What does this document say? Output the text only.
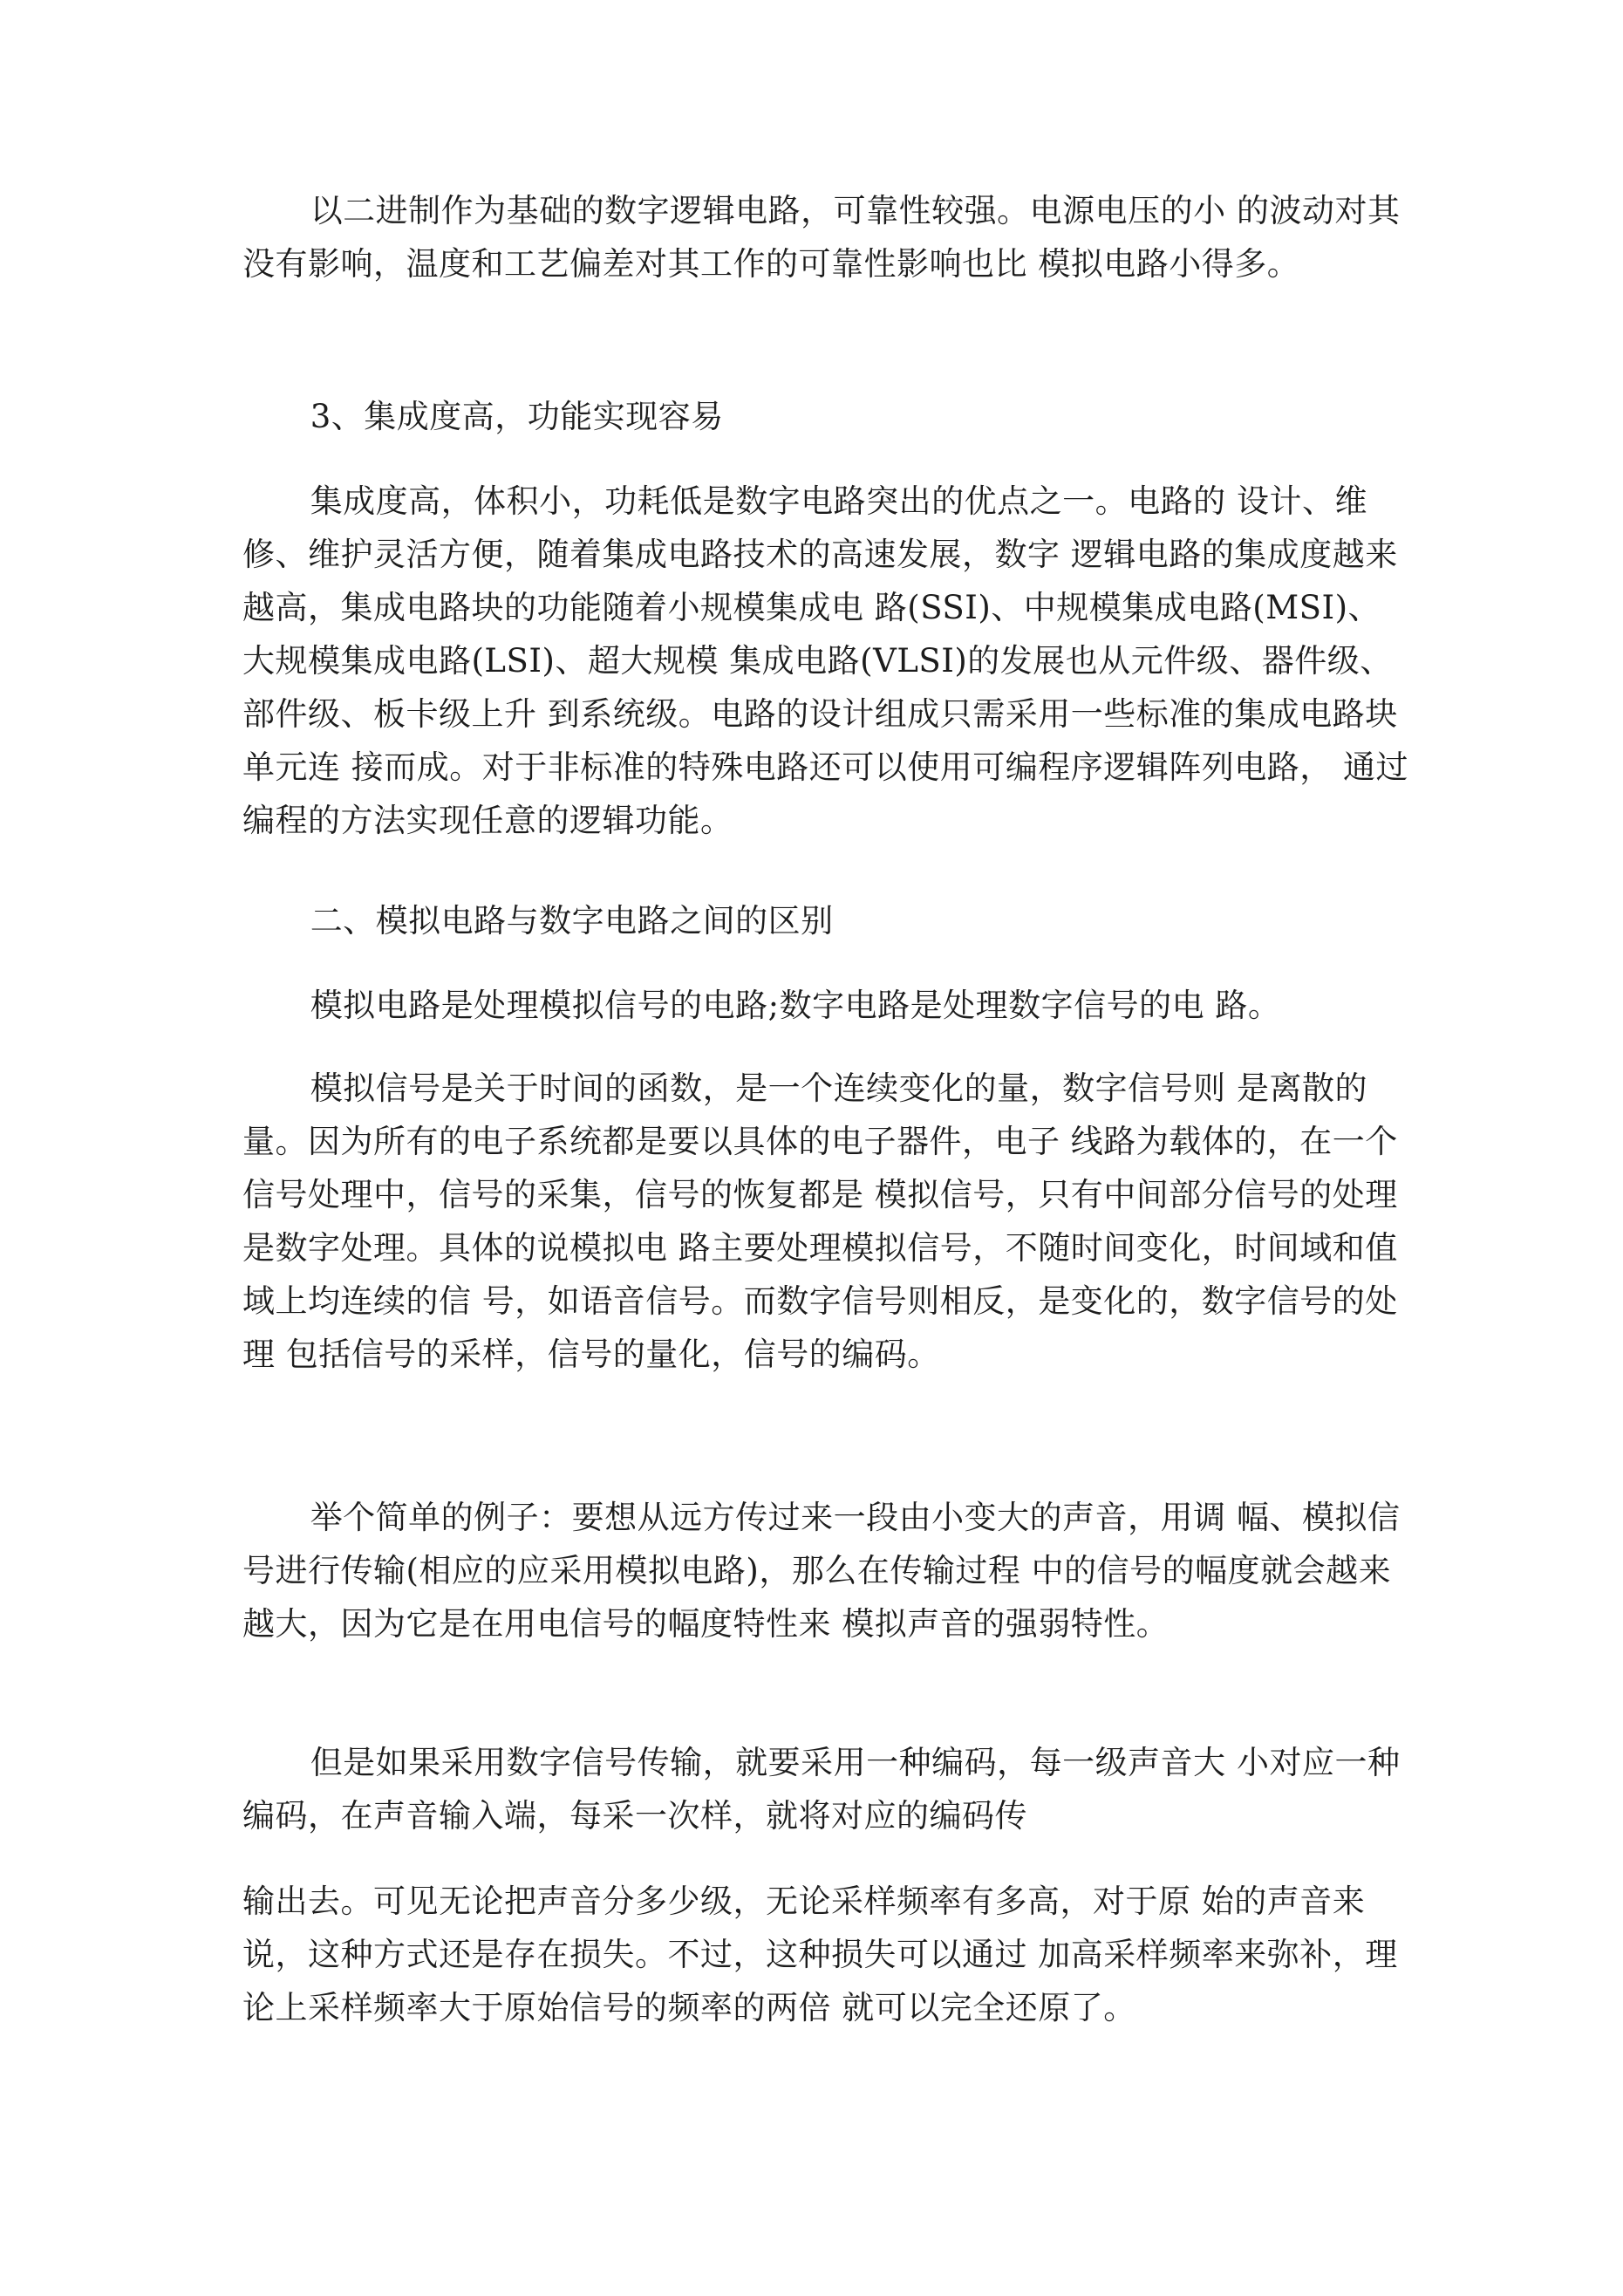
以二进制作为基础的数字逻辑电路，可靠性较强。电源电压的小 的波动对其没有影响，温度和工艺偏差对其工作的可靠性影响也比 模拟电路小得多。

3、集成度高，功能实现容易

集成度高，体积小，功耗低是数字电路突出的优点之一。电路的 设计、维修、维护灵活方便，随着集成电路技术的高速发展，数字 逻辑电路的集成度越来越高，集成电路块的功能随着小规模集成电 路(SSI)、中规模集成电路(MSI)、大规模集成电路(LSI)、超大规模 集成电路(VLSI)的发展也从元件级、器件级、部件级、板卡级上升 到系统级。电路的设计组成只需采用一些标准的集成电路块单元连 接而成。对于非标准的特殊电路还可以使用可编程序逻辑阵列电路， 通过编程的方法实现任意的逻辑功能。

二、模拟电路与数字电路之间的区别

模拟电路是处理模拟信号的电路;数字电路是处理数字信号的电 路。

模拟信号是关于时间的函数，是一个连续变化的量，数字信号则 是离散的量。因为所有的电子系统都是要以具体的电子器件，电子 线路为载体的，在一个信号处理中，信号的采集，信号的恢复都是 模拟信号，只有中间部分信号的处理是数字处理。具体的说模拟电 路主要处理模拟信号，不随时间变化，时间域和值域上均连续的信 号，如语音信号。而数字信号则相反，是变化的，数字信号的处理 包括信号的采样，信号的量化，信号的编码。

举个简单的例子：要想从远方传过来一段由小变大的声音，用调 幅、模拟信号进行传输(相应的应采用模拟电路)，那么在传输过程 中的信号的幅度就会越来越大，因为它是在用电信号的幅度特性来 模拟声音的强弱特性。

但是如果采用数字信号传输，就要采用一种编码，每一级声音大 小对应一种编码，在声音输入端，每采一次样，就将对应的编码传

输出去。可见无论把声音分多少级，无论采样频率有多高，对于原 始的声音来说，这种方式还是存在损失。不过，这种损失可以通过 加高采样频率来弥补，理论上采样频率大于原始信号的频率的两倍 就可以完全还原了。
